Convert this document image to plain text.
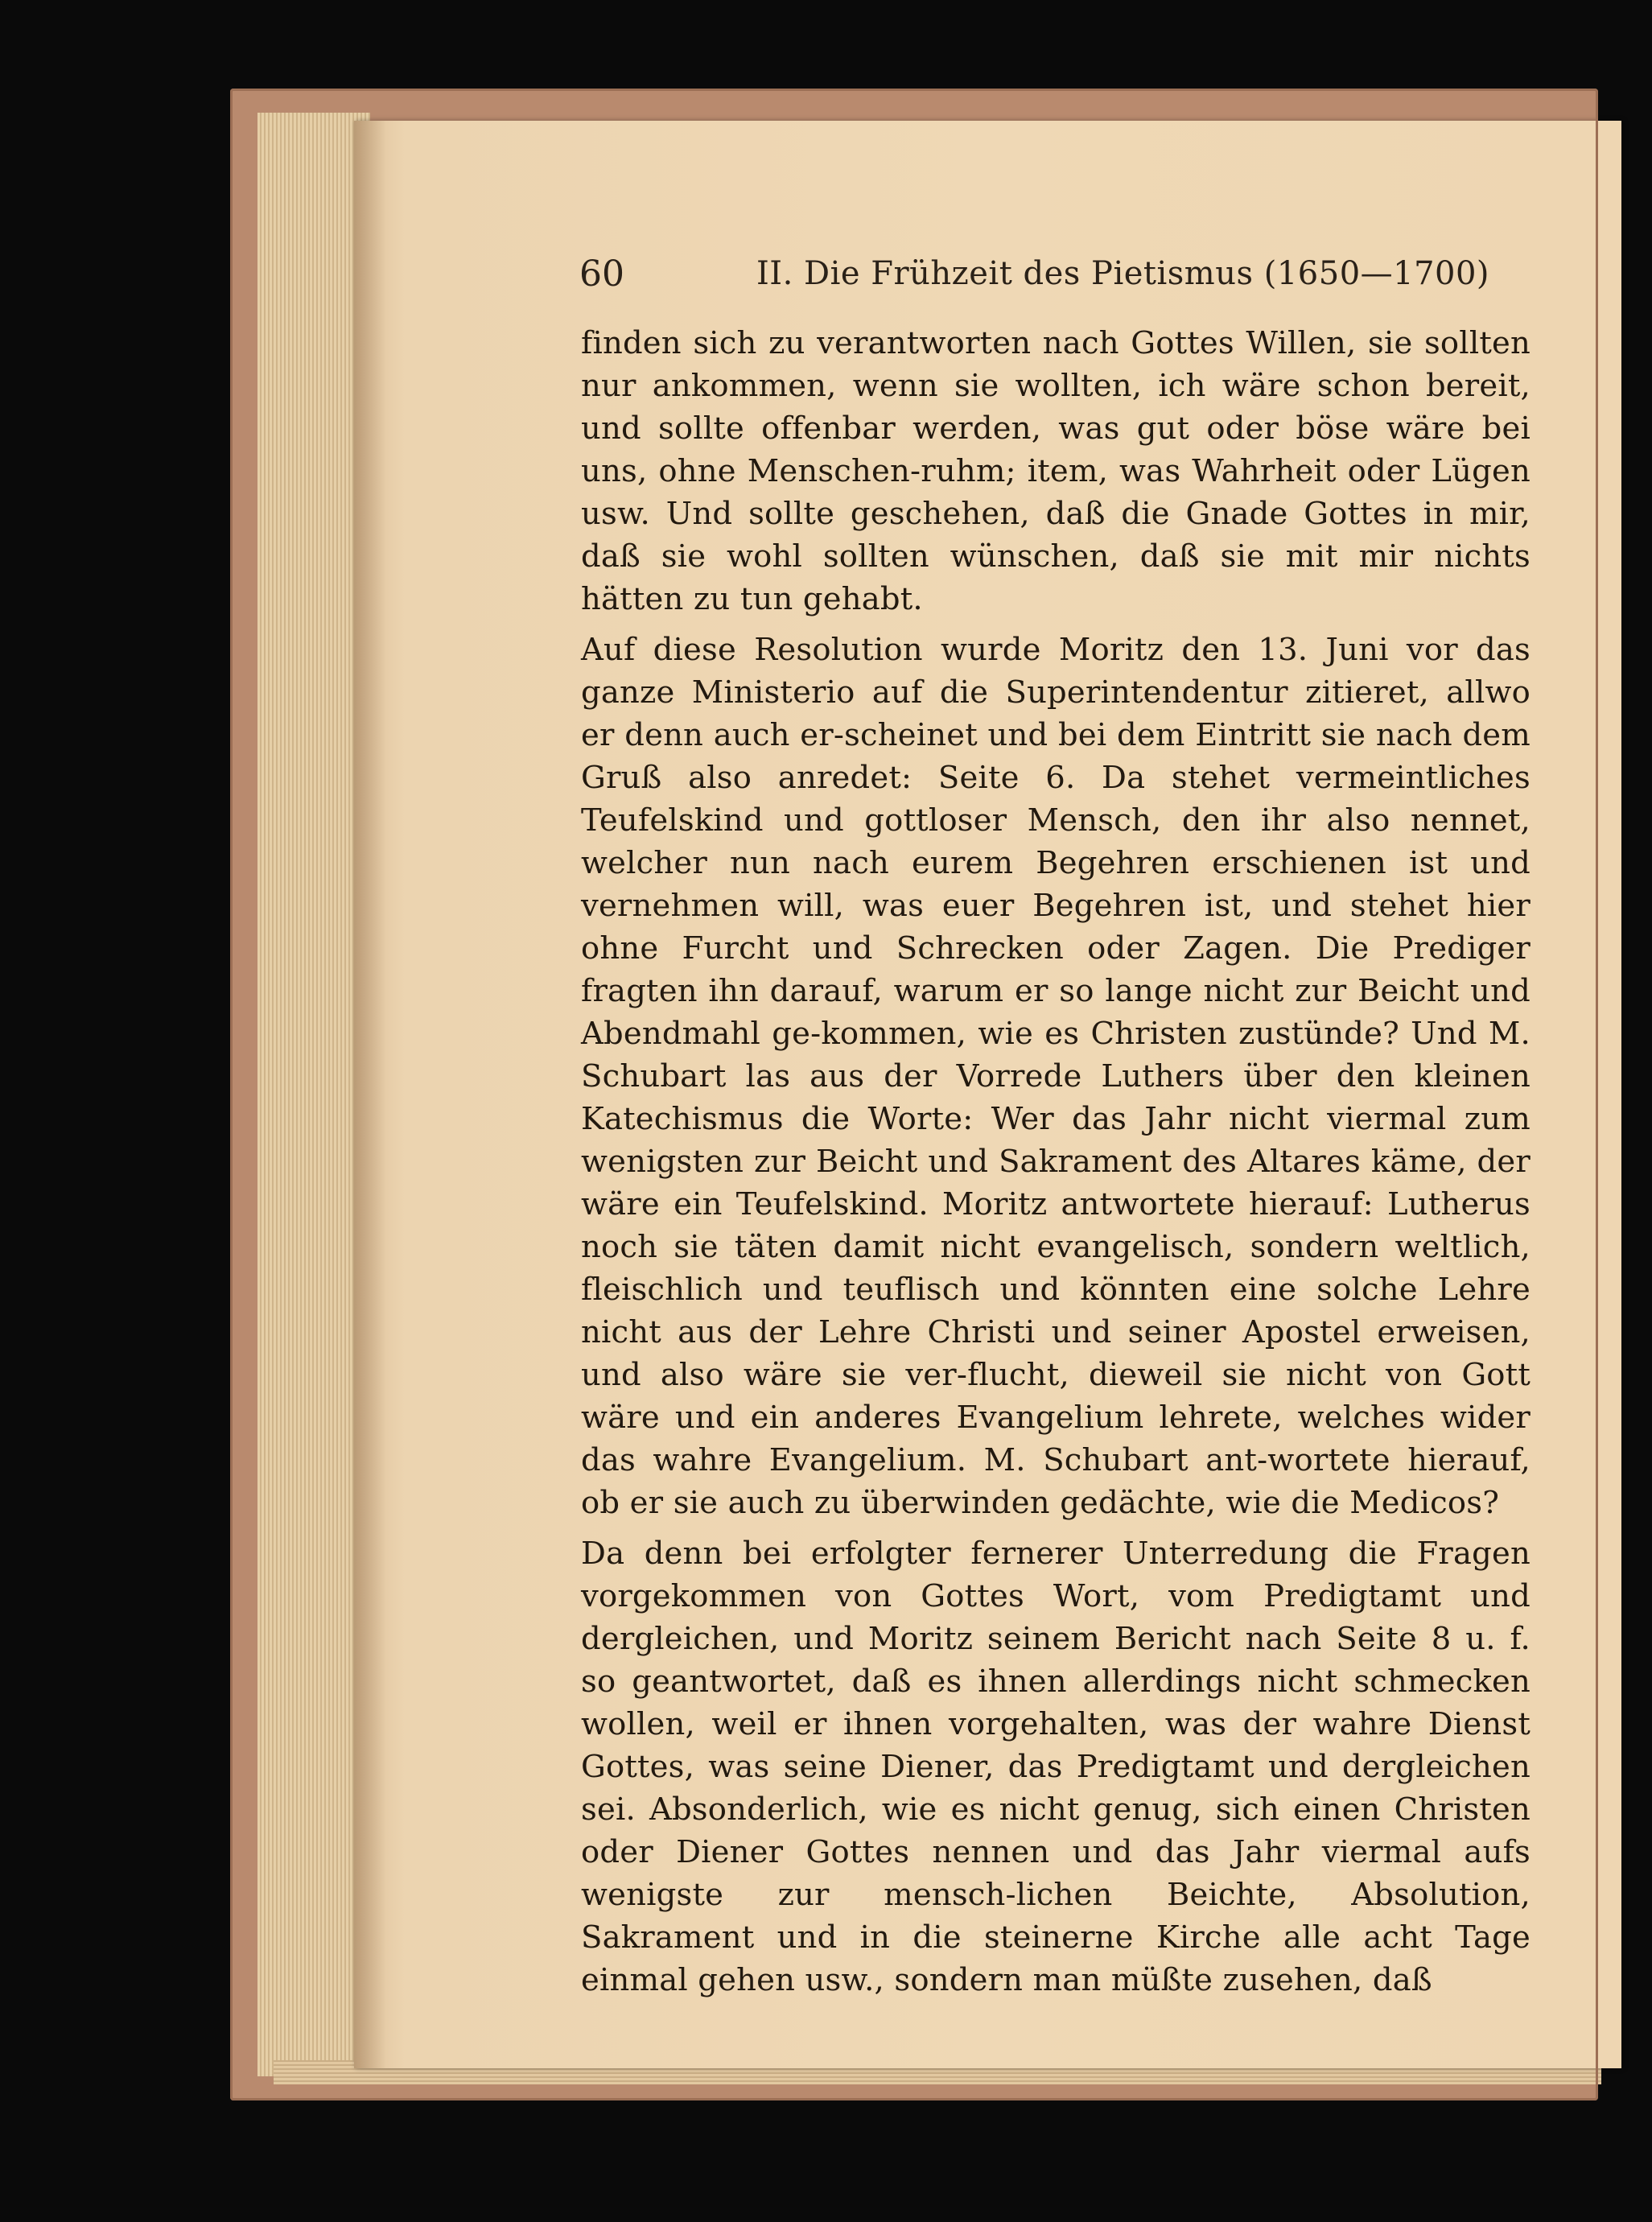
60	II. Die Frühzeit des Pietismus (1650—1700)

finden sich zu verantworten nach Gottes Willen, sie sollten nur ankommen, wenn sie wollten, ich wäre schon bereit, und sollte offenbar werden, was gut oder böse wäre bei uns, ohne Menschen-ruhm; item, was Wahrheit oder Lügen usw. Und sollte geschehen, daß die Gnade Gottes in mir, daß sie wohl sollten wünschen, daß sie mit mir nichts hätten zu tun gehabt.

Auf diese Resolution wurde Moritz den 13. Juni vor das ganze Ministerio auf die Superintendentur zitieret, allwo er denn auch er-scheinet und bei dem Eintritt sie nach dem Gruß also anredet: Seite 6. Da stehet vermeintliches Teufelskind und gottloser Mensch, den ihr also nennet, welcher nun nach eurem Begehren erschienen ist und vernehmen will, was euer Begehren ist, und stehet hier ohne Furcht und Schrecken oder Zagen. Die Prediger fragten ihn darauf, warum er so lange nicht zur Beicht und Abendmahl ge-kommen, wie es Christen zustünde? Und M. Schubart las aus der Vorrede Luthers über den kleinen Katechismus die Worte: Wer das Jahr nicht viermal zum wenigsten zur Beicht und Sakrament des Altares käme, der wäre ein Teufelskind. Moritz antwortete hierauf: Lutherus noch sie täten damit nicht evangelisch, sondern weltlich, fleischlich und teuflisch und könnten eine solche Lehre nicht aus der Lehre Christi und seiner Apostel erweisen, und also wäre sie ver-flucht, dieweil sie nicht von Gott wäre und ein anderes Evangelium lehrete, welches wider das wahre Evangelium. M. Schubart ant-wortete hierauf, ob er sie auch zu überwinden gedächte, wie die Medicos?

Da denn bei erfolgter fernerer Unterredung die Fragen vorgekommen von Gottes Wort, vom Predigtamt und dergleichen, und Moritz seinem Bericht nach Seite 8 u. f. so geantwortet, daß es ihnen allerdings nicht schmecken wollen, weil er ihnen vorgehalten, was der wahre Dienst Gottes, was seine Diener, das Predigtamt und dergleichen sei. Absonderlich, wie es nicht genug, sich einen Christen oder Diener Gottes nennen und das Jahr viermal aufs wenigste zur mensch-lichen Beichte, Absolution, Sakrament und in die steinerne Kirche alle acht Tage einmal gehen usw., sondern man müßte zusehen, daß
